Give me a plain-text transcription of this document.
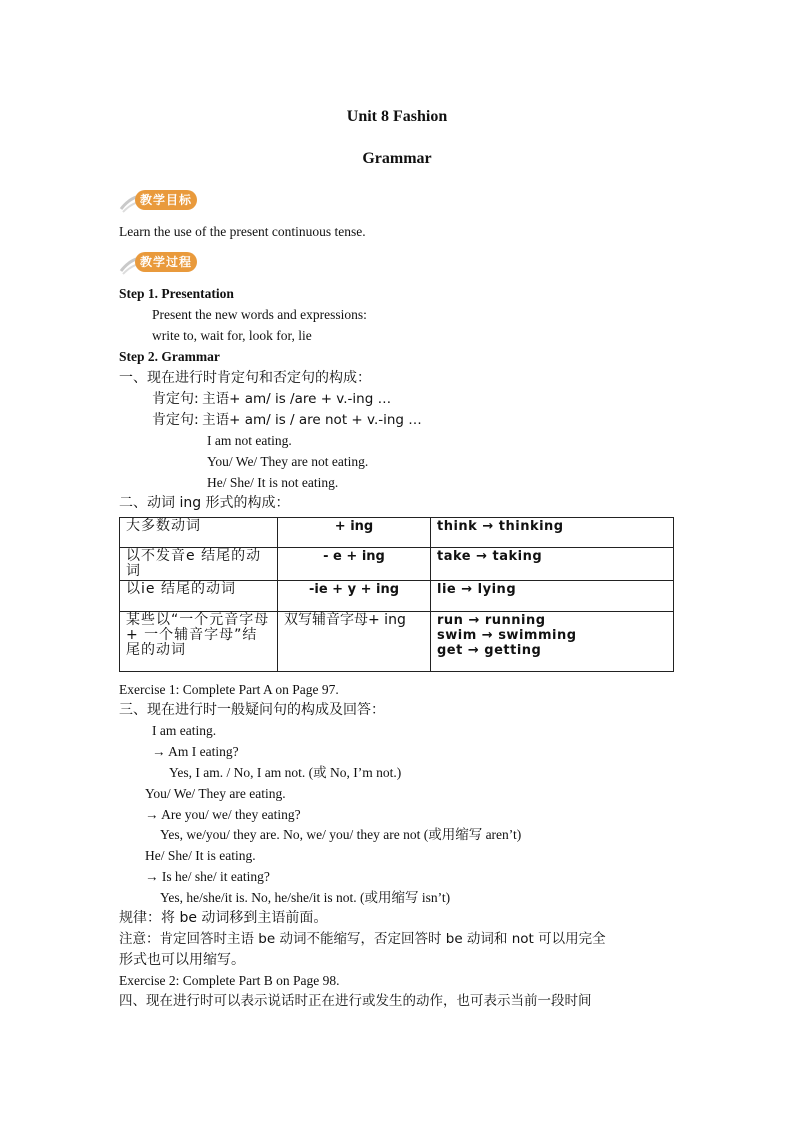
Unit 8 Fashion
Grammar
教学目标
Learn the use of the present continuous tense.
教学过程
Step 1. Presentation
Present the new words and expressions:
write to, wait for, look for, lie
Step 2. Grammar
一、现在进行时肯定句和否定句的构成：
肯定句: 主语+ am/ is /are + v.-ing …
肯定句: 主语+ am/ is / are not + v.-ing …
I am not eating.
You/ We/ They are not eating.
He/ She/ It is not eating.
二、动词 ing 形式的构成：
大多数动词	+ ing	think → thinking

以不发音e 结尾的动词	- e + ing	take → taking

以ie 结尾的动词	-ie + y + ing	lie → lying

某些以“一个元音字母+ 一个辅音字母”结尾的动词	双写辅音字母+ ing	run → running
swim → swimming
get → getting
Exercise 1: Complete Part A on Page 97.
三、现在进行时一般疑问句的构成及回答：
I am eating.
→ Am I eating?
Yes, I am. / No, I am not. (或 No, I’m not.)
You/ We/ They are eating.
→ Are you/ we/ they eating?
Yes, we/you/ they are. No, we/ you/ they are not (或用缩写 aren’t)
He/ She/ It is eating.
→ Is he/ she/ it eating?
Yes, he/she/it is. No, he/she/it is not. (或用缩写 isn’t)
规律：将 be 动词移到主语前面。
注意：肯定回答时主语 be 动词不能缩写，否定回答时 be 动词和 not 可以用完全
形式也可以用缩写。
Exercise 2: Complete Part B on Page 98.
四、现在进行时可以表示说话时正在进行或发生的动作，也可表示当前一段时间
